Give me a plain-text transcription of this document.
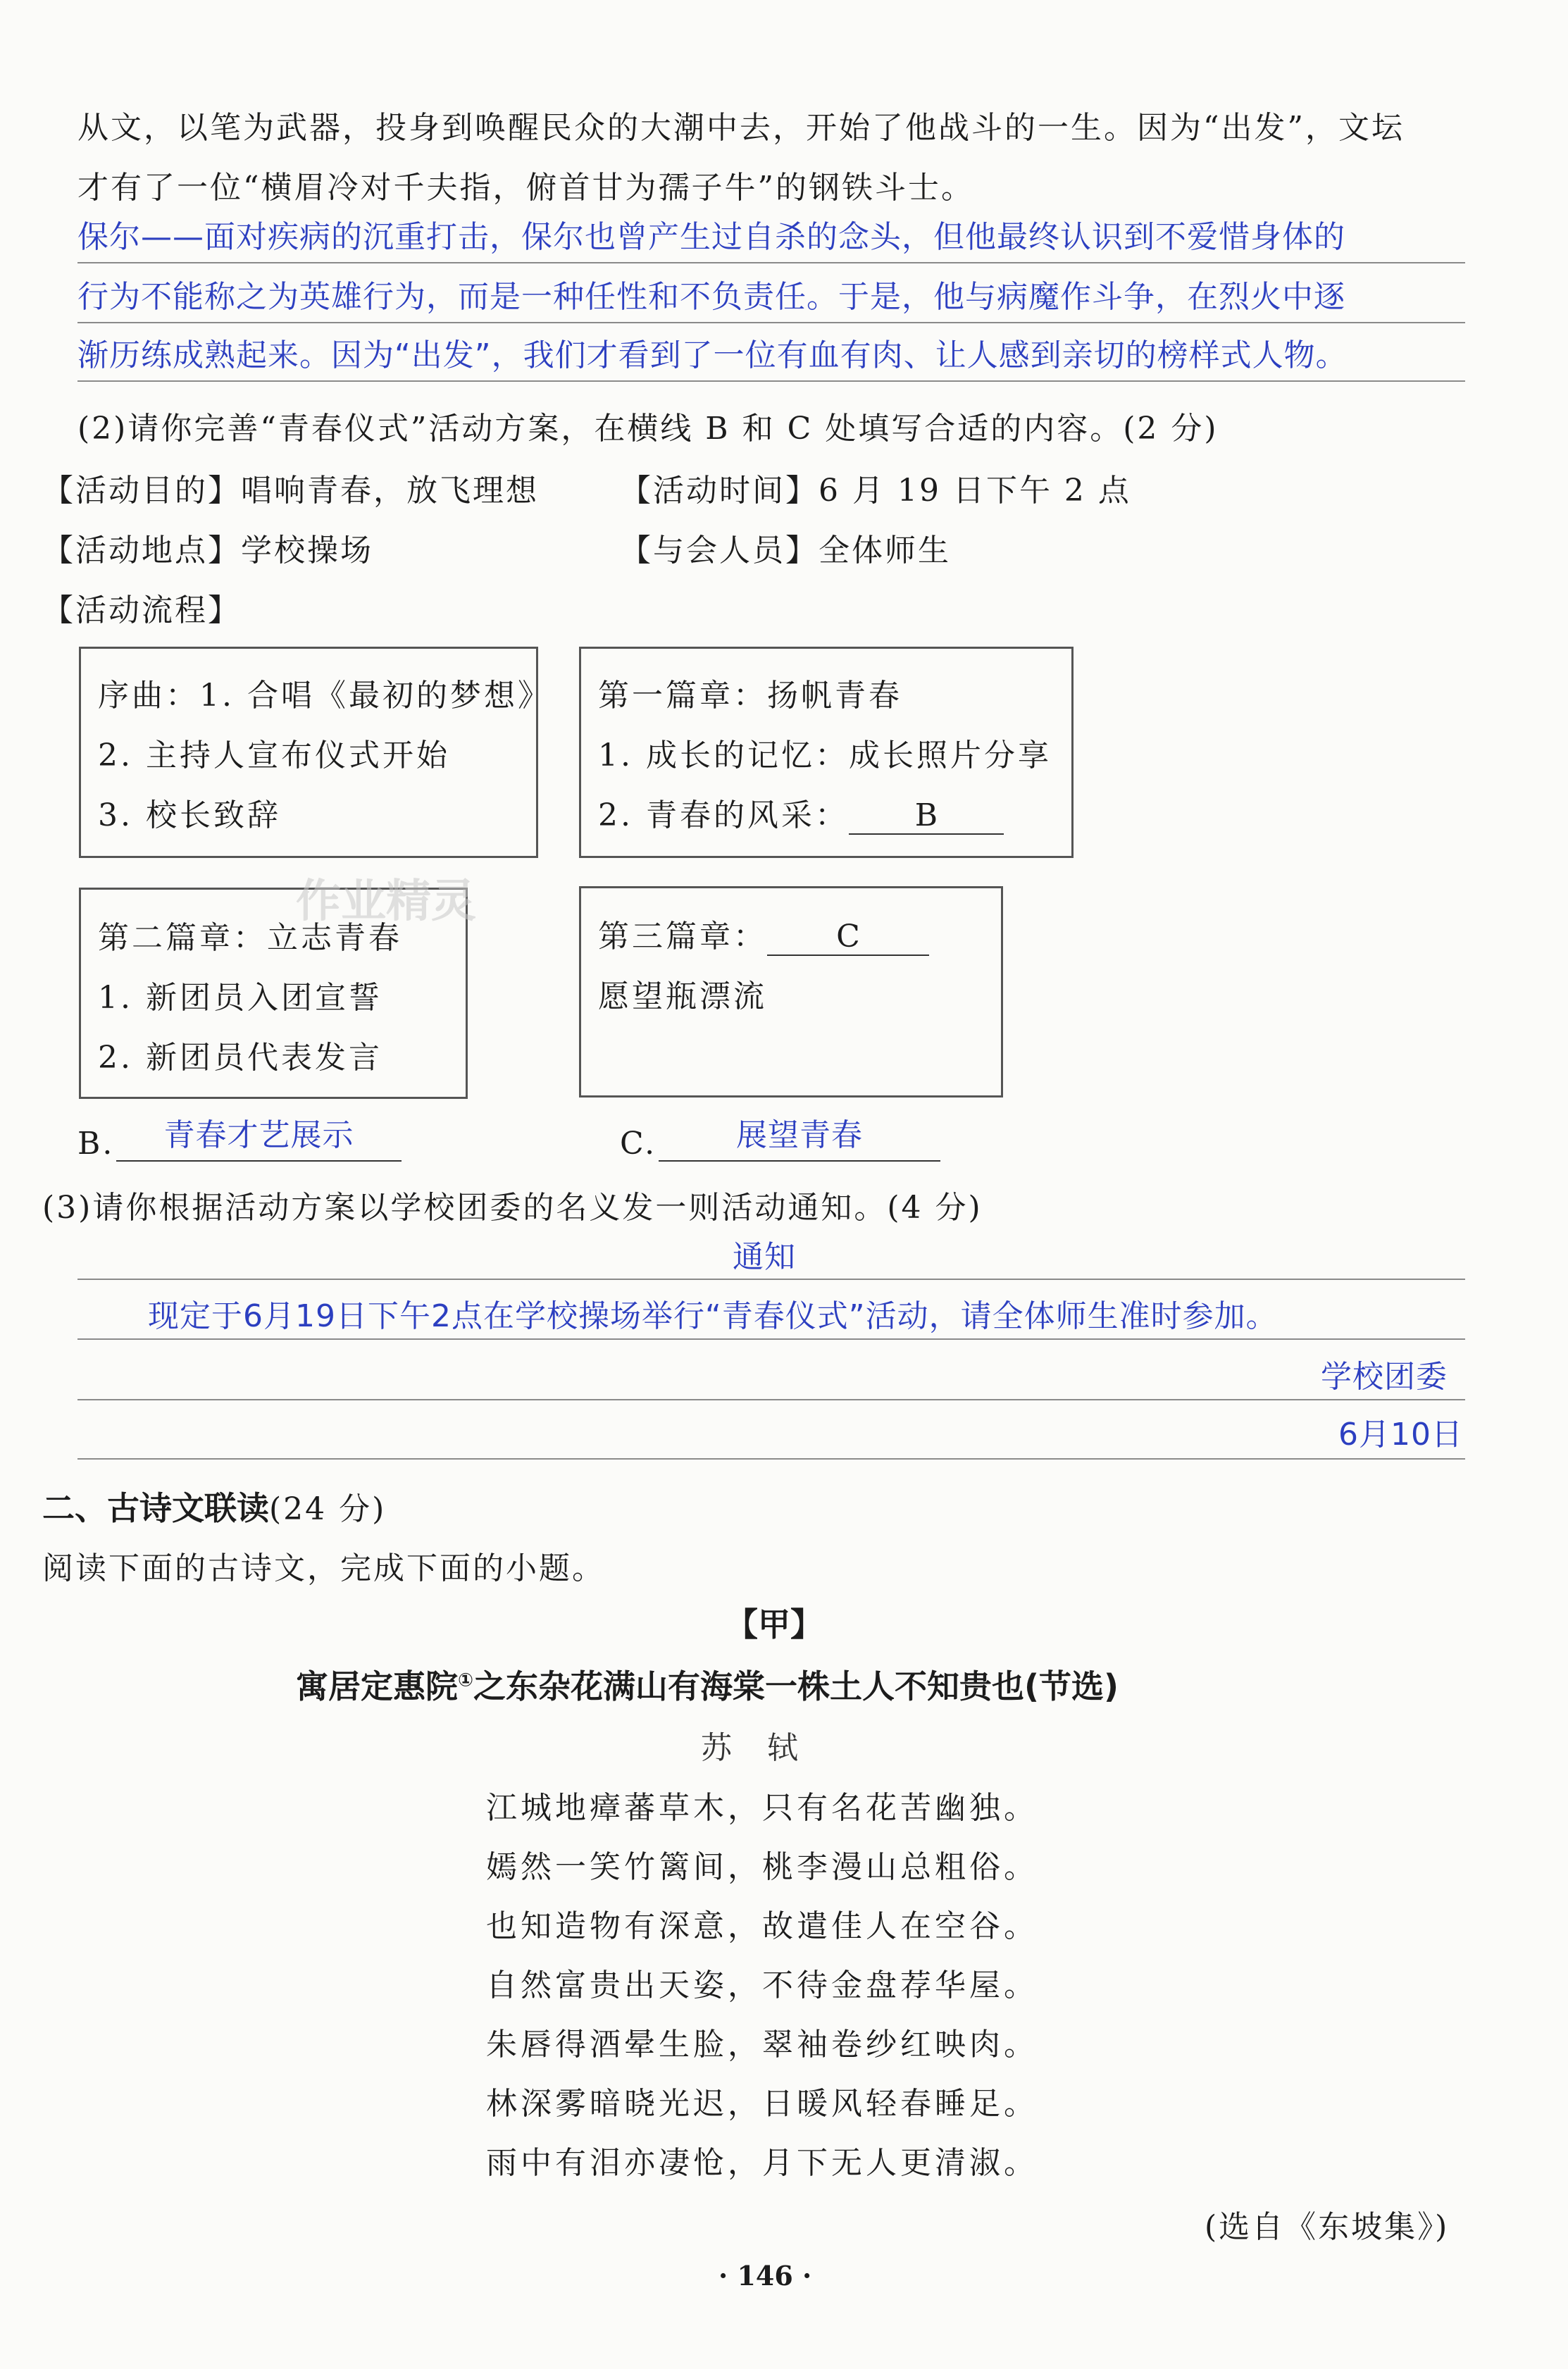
从文，以笔为武器，投身到唤醒民众的大潮中去，开始了他战斗的一生。因为“出发”，文坛
才有了一位“横眉冷对千夫指，俯首甘为孺子牛”的钢铁斗士。
保尔——面对疾病的沉重打击，保尔也曾产生过自杀的念头，但他最终认识到不爱惜身体的
行为不能称之为英雄行为，而是一种任性和不负责任。于是，他与病魔作斗争，在烈火中逐
渐历练成熟起来。因为“出发”，我们才看到了一位有血有肉、让人感到亲切的榜样式人物。
(2)请你完善“青春仪式”活动方案，在横线 B 和 C 处填写合适的内容。(2 分)
【活动目的】唱响青春，放飞理想	【活动时间】6 月 19 日下午 2 点
【活动地点】学校操场	【与会人员】全体师生
【活动流程】
序曲：1. 合唱《最初的梦想》
2. 主持人宣布仪式开始
3. 校长致辞
第一篇章：扬帆青春
1. 成长的记忆：成长照片分享
2. 青春的风采： B
第二篇章：立志青春
1. 新团员入团宣誓
2. 新团员代表发言
第三篇章： C
愿望瓶漂流
作业精灵
B.	青春才艺展示	C.	展望青春
(3)请你根据活动方案以学校团委的名义发一则活动通知。(4 分)
通知
现定于6月19日下午2点在学校操场举行“青春仪式”活动，请全体师生准时参加。
学校团委
6月10日
二、古诗文联读(24 分)
阅读下面的古诗文，完成下面的小题。
【甲】
寓居定惠院①之东杂花满山有海棠一株土人不知贵也(节选)
苏　轼
江城地瘴蕃草木，只有名花苦幽独。
嫣然一笑竹篱间，桃李漫山总粗俗。
也知造物有深意，故遣佳人在空谷。
自然富贵出天姿，不待金盘荐华屋。
朱唇得酒晕生脸，翠袖卷纱红映肉。
林深雾暗晓光迟，日暖风轻春睡足。
雨中有泪亦凄怆，月下无人更清淑。
(选自《东坡集》)
· 146 ·
